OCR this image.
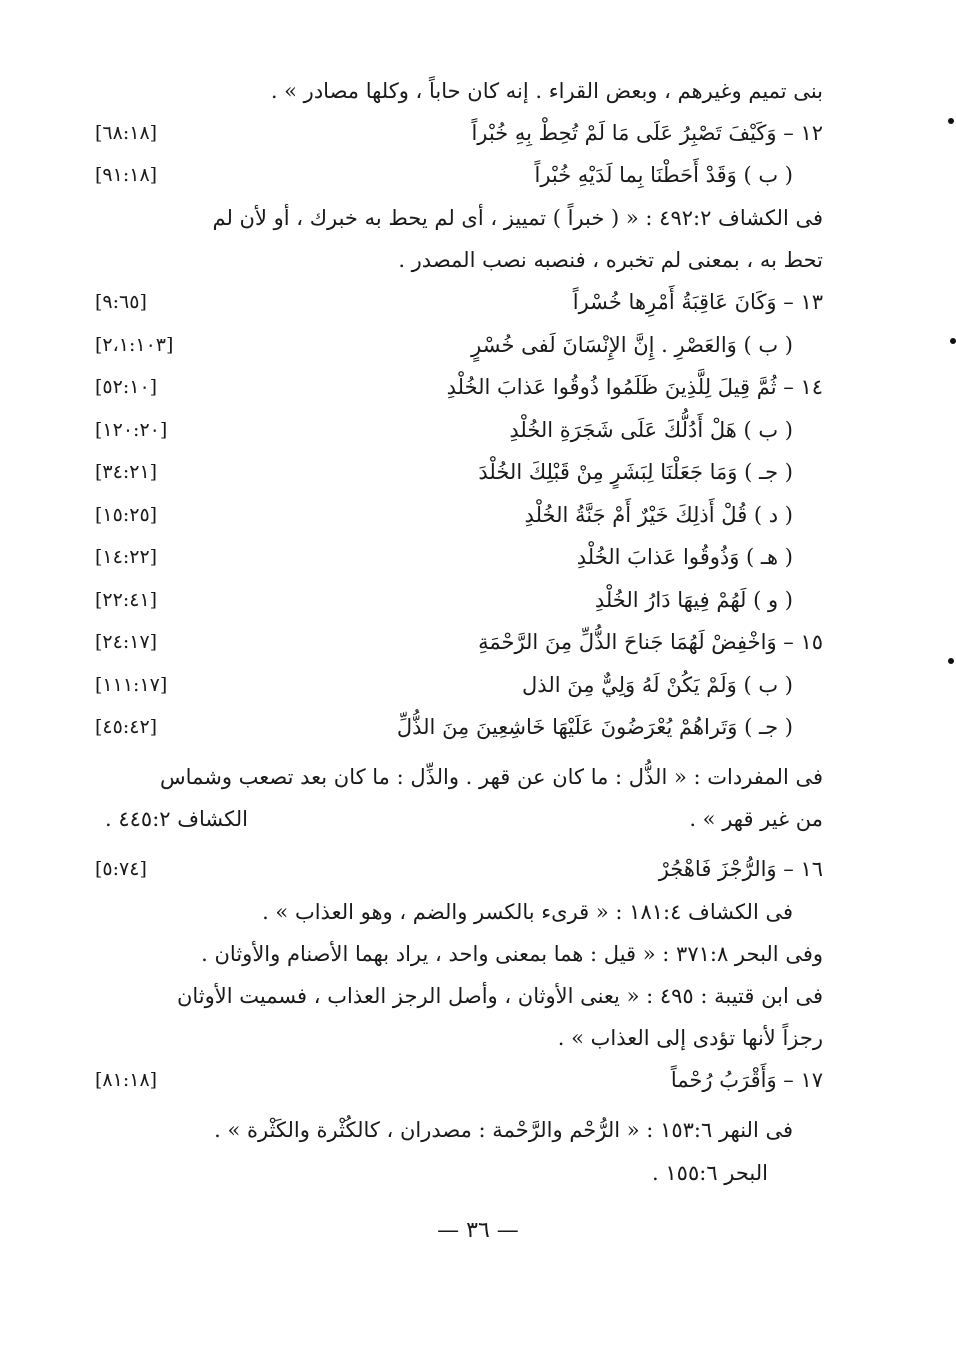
بنى تميم وغيرهم ، وبعض القراء . إنه كان حاباً ، وكلها مصادر » .
١٢ – وَكَيْفَ تَصْبِرُ عَلَى مَا لَمْ تُحِطْ بِهِ خُبْراً
[٦٨:١٨]
( ب ) وَقَدْ أَحَطْنَا بِما لَدَيْهِ خُبْراً
[٩١:١٨]
فى الكشاف ٤٩٢:٢ : « ( خبراً ) تمييز ، أى لم يحط به خبرك ، أو لأن لم
تحط به ، بمعنى لم تخبره ، فنصبه نصب المصدر .
١٣ – وَكَانَ عَاقِبَةُ أَمْرِها خُسْراً
[٩:٦٥]
( ب ) وَالعَصْرِ . إِنَّ الإِنْسَانَ لَفى خُسْرٍ
[٢،١:١٠٣]
١٤ – ثُمَّ قِيلَ لِلَّذِينَ ظَلَمُوا ذُوقُوا عَذابَ الخُلْدِ
[٥٢:١٠]
( ب ) هَلْ أَدُلُّكَ عَلَى شَجَرَةِ الخُلْدِ
[١٢٠:٢٠]
( جـ ) وَمَا جَعَلْنَا لِبَشَرٍ مِنْ قَبْلِكَ الخُلْدَ
[٣٤:٢١]
( د ) قُلْ أَذلِكَ خَيْرٌ أَمْ جَنَّةُ الخُلْدِ
[١٥:٢٥]
( هـ ) وَذُوقُوا عَذابَ الخُلْدِ
[١٤:٢٢]
( و ) لَهُمْ فِيهَا دَارُ الخُلْدِ
[٢٢:٤١]
١٥ – وَاخْفِضْ لَهُمَا جَناحَ الذُّلِّ مِنَ الرَّحْمَةِ
[٢٤:١٧]
( ب ) وَلَمْ يَكُنْ لَهُ وَلِيٌّ مِنَ الذل
[١١١:١٧]
( جـ ) وَتَراهُمْ يُعْرَضُونَ عَلَيْهَا خَاشِعِينَ مِنَ الذُّلِّ
[٤٥:٤٢]
فى المفردات : « الذُّل : ما كان عن قهر . والذِّل : ما كان بعد تصعب وشماس
من غير قهر » .
الكشاف ٤٤٥:٢ .
١٦ – وَالرُّجْزَ فَاهْجُرْ
[٥:٧٤]
فى الكشاف ١٨١:٤ : « قرىء بالكسر والضم ، وهو العذاب » .
وفى البحر ٣٧١:٨ : « قيل : هما بمعنى واحد ، يراد بهما الأصنام والأوثان .
فى ابن قتيبة : ٤٩٥ : « يعنى الأوثان ، وأصل الرجز العذاب ، فسميت الأوثان
رجزاً لأنها تؤدى إلى العذاب » .
١٧ – وَأَقْرَبُ رُحْماً
[٨١:١٨]
فى النهر ١٥٣:٦ : « الرُّحْم والرَّحْمة : مصدران ، كالكُثْرة والكَثْرة » .
البحر ١٥٥:٦ .
— ٣٦ —
